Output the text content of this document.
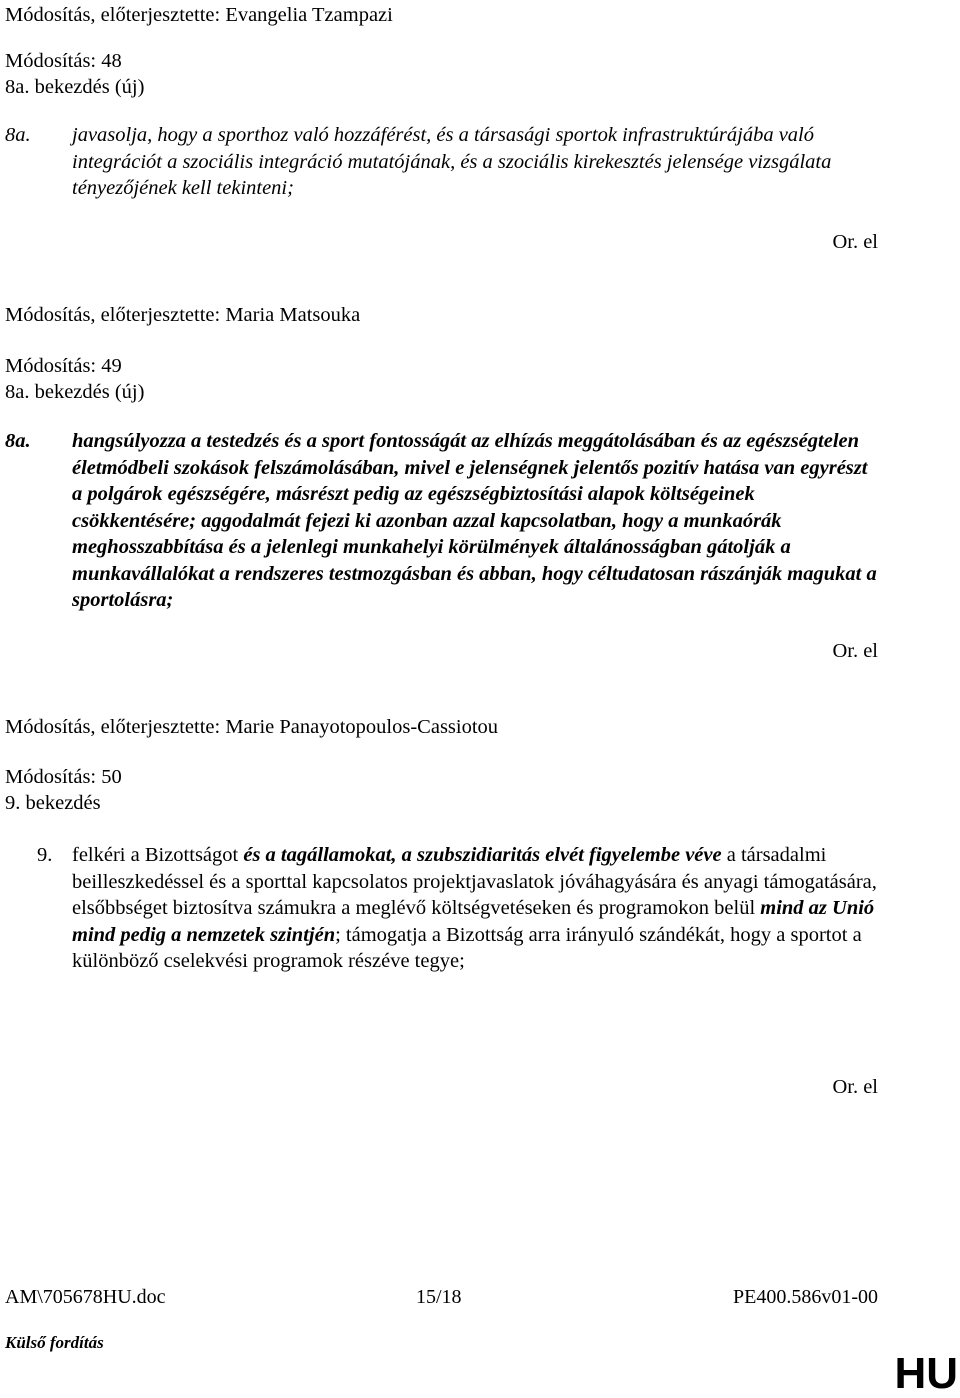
Módosítás, előterjesztette: Evangelia Tzampazi
Módosítás: 48
8a. bekezdés (új)
8a. javasolja, hogy a sporthoz való hozzáférést, és a társasági sportok infrastruktúrájába való integrációt a szociális integráció mutatójának, és a szociális kirekesztés jelensége vizsgálata tényezőjének kell tekinteni;
Or. el
Módosítás, előterjesztette: Maria Matsouka
Módosítás: 49
8a. bekezdés (új)
8a. hangsúlyozza a testedzés és a sport fontosságát az elhízás meggátolásában és az egészségtelen életmódbeli szokások felszámolásában, mivel e jelenségnek jelentős pozitív hatása van egyrészt a polgárok egészségére, másrészt pedig az egészségbiztosítási alapok költségeinek csökkentésére; aggodalmát fejezi ki azonban azzal kapcsolatban, hogy a munkaórák meghosszabbítása és a jelenlegi munkahelyi körülmények általánosságban gátolják a munkavállalókat a rendszeres testmozgásban és abban, hogy céltudatosan rászánják magukat a sportolásra;
Or. el
Módosítás, előterjesztette: Marie Panayotopoulos-Cassiotou
Módosítás: 50
9. bekezdés
9. felkéri a Bizottságot és a tagállamokat, a szubszidiaritás elvét figyelembe véve a társadalmi beilleszkedéssel és a sporttal kapcsolatos projektjavaslatok jóváhagyására és anyagi támogatására, elsőbbséget biztosítva számukra a meglévő költségvetéseken és programokon belül mind az Unió mind pedig a nemzetek szintjén; támogatja a Bizottság arra irányuló szándékát, hogy a sportot a különböző cselekvési programok részéve tegye;
Or. el
AM\705678HU.doc	15/18	PE400.586v01-00
Külső fordítás
HU
